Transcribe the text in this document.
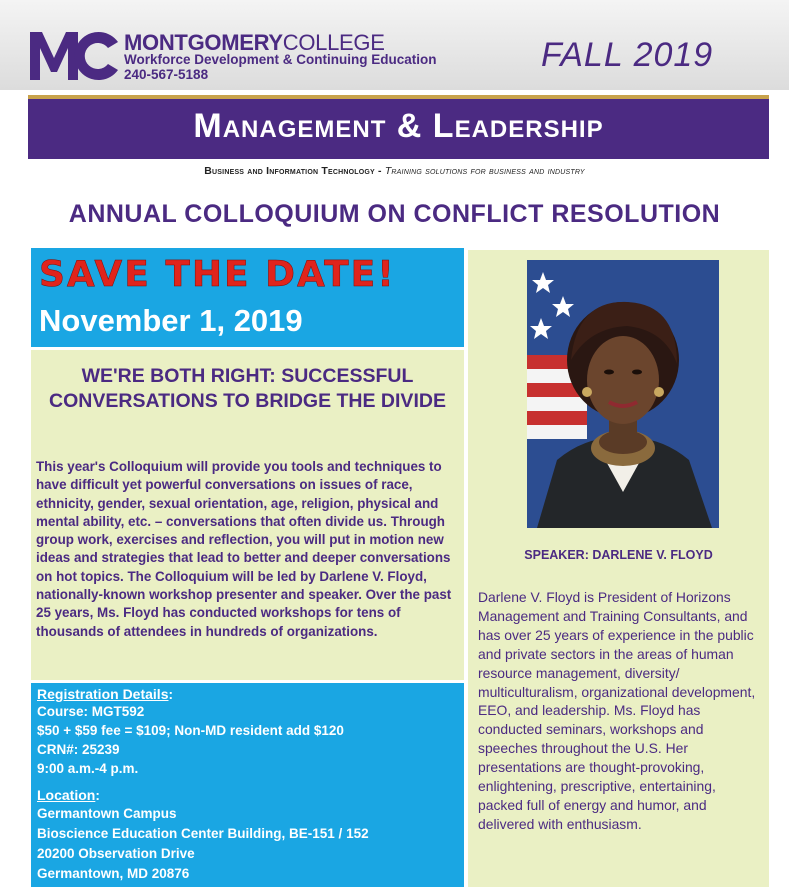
MONTGOMERYCOLLEGE
Workforce Development & Continuing Education
240-567-5188
FALL 2019
Management & Leadership
Business and Information Technology - Training solutions for business and industry
ANNUAL COLLOQUIUM ON CONFLICT RESOLUTION
SAVE THE DATE!
November 1, 2019
WE'RE BOTH RIGHT: SUCCESSFUL CONVERSATIONS TO BRIDGE THE DIVIDE
This year's Colloquium will provide you tools and techniques to have difficult yet powerful conversations on issues of race, ethnicity, gender, sexual orientation, age, religion, physical and mental ability, etc. – conversations that often divide us. Through group work, exercises and reflection, you will put in motion new ideas and strategies that lead to better and deeper conversations on hot topics. The Colloquium will be led by Darlene V. Floyd, nationally-known workshop presenter and speaker. Over the past 25 years, Ms. Floyd has conducted workshops for tens of thousands of attendees in hundreds of organizations.
Registration Details:
Course: MGT592
$50 + $59 fee = $109; Non-MD resident add $120
CRN#: 25239
9:00 a.m.-4 p.m.
Location:
Germantown Campus
Bioscience Education Center Building, BE-151 / 152
20200 Observation Drive
Germantown, MD 20876
SPEAKER: DARLENE V. FLOYD
Darlene V. Floyd is President of Horizons Management and Training Consultants, and has over 25 years of experience in the public and private sectors in the areas of human resource management, diversity/ multiculturalism, organizational development, EEO, and leadership. Ms. Floyd has conducted seminars, workshops and speeches throughout the U.S. Her presentations are thought-provoking, enlightening, prescriptive, entertaining, packed full of energy and humor, and delivered with enthusiasm.
